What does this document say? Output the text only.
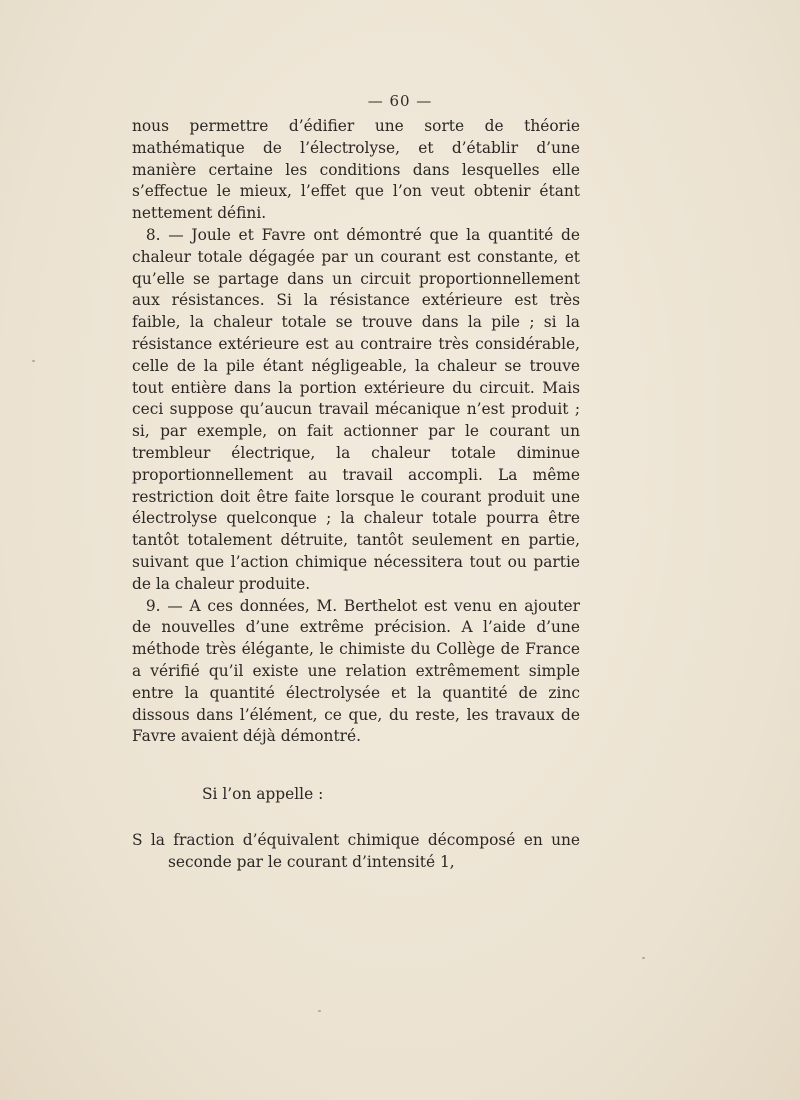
— 60 —

nous permettre d’édifier une sorte de théorie mathématique de l’électrolyse, et d’établir d’une manière certaine les conditions dans lesquelles elle s’effectue le mieux, l’effet que l’on veut obtenir étant nettement défini.

8. — Joule et Favre ont démontré que la quantité de chaleur totale dégagée par un courant est constante, et qu’elle se partage dans un circuit proportionnellement aux résistances. Si la résistance extérieure est très faible, la chaleur totale se trouve dans la pile ; si la résistance extérieure est au contraire très considérable, celle de la pile étant négligeable, la chaleur se trouve tout entière dans la portion extérieure du circuit. Mais ceci suppose qu’aucun travail mécanique n’est produit ; si, par exemple, on fait actionner par le courant un trembleur électrique, la chaleur totale diminue proportionnellement au travail accompli. La même restriction doit être faite lorsque le courant produit une électrolyse quelconque ; la chaleur totale pourra être tantôt totalement détruite, tantôt seulement en partie, suivant que l’action chimique nécessitera tout ou partie de la chaleur produite.

9. — A ces données, M. Berthelot est venu en ajouter de nouvelles d’une extrême précision. A l’aide d’une méthode très élégante, le chimiste du Collège de France a vérifié qu’il existe une relation extrêmement simple entre la quantité électrolysée et la quantité de zinc dissous dans l’élément, ce que, du reste, les travaux de Favre avaient déjà démontré.

Si l’on appelle :

S la fraction d’équivalent chimique décomposé en une seconde par le courant d’intensité 1,
